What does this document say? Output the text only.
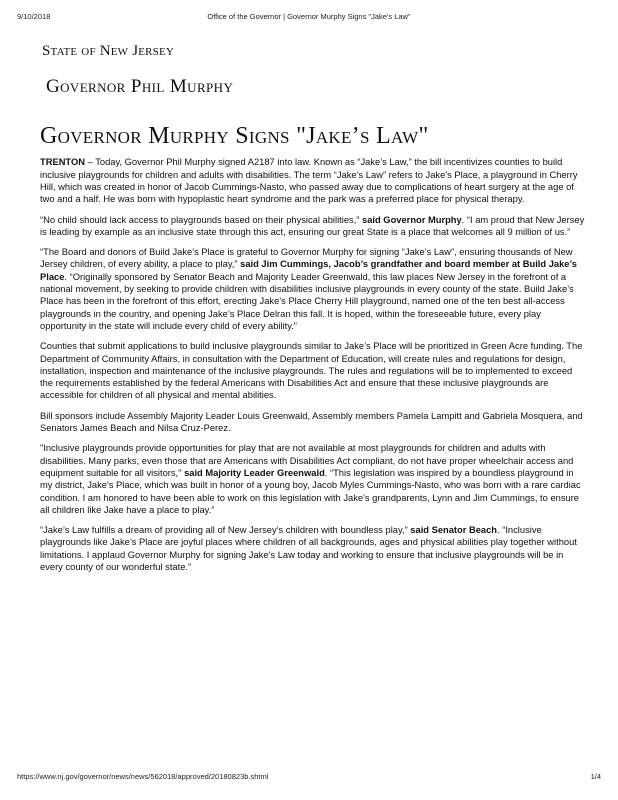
9/10/2018	Office of the Governor | Governor Murphy Signs "Jake's Law"
State of New Jersey
Governor Phil Murphy
Governor Murphy Signs "Jake’s Law"

TRENTON – Today, Governor Phil Murphy signed A2187 into law. Known as “Jake’s Law,” the bill incentivizes counties to build inclusive playgrounds for children and adults with disabilities. The term “Jake’s Law” refers to Jake’s Place, a playground in Cherry Hill, which was created in honor of Jacob Cummings-Nasto, who passed away due to complications of heart surgery at the age of two and a half. He was born with hypoplastic heart syndrome and the park was a preferred place for physical therapy.

“No child should lack access to playgrounds based on their physical abilities,” said Governor Murphy. “I am proud that New Jersey is leading by example as an inclusive state through this act, ensuring our great State is a place that welcomes all 9 million of us.”

“The Board and donors of Build Jake’s Place is grateful to Governor Murphy for signing “Jake’s Law”, ensuring thousands of New Jersey children, of every ability, a place to play,” said Jim Cummings, Jacob’s grandfather and board member at Build Jake’s Place. “Originally sponsored by Senator Beach and Majority Leader Greenwald, this law places New Jersey in the forefront of a national movement, by seeking to provide children with disabilities inclusive playgrounds in every county of the state. Build Jake’s Place has been in the forefront of this effort, erecting Jake’s Place Cherry Hill playground, named one of the ten best all-access playgrounds in the country, and opening Jake’s Place Delran this fall. It is hoped, within the foreseeable future, every play opportunity in the state will include every child of every ability.”

Counties that submit applications to build inclusive playgrounds similar to Jake’s Place will be prioritized in Green Acre funding. The Department of Community Affairs, in consultation with the Department of Education, will create rules and regulations for design, installation, inspection and maintenance of the inclusive playgrounds. The rules and regulations will be to implemented to exceed the requirements established by the federal Americans with Disabilities Act and ensure that these inclusive playgrounds are accessible for children of all physical and mental abilities.

Bill sponsors include Assembly Majority Leader Louis Greenwald, Assembly members Pamela Lampitt and Gabriela Mosquera, and Senators James Beach and Nilsa Cruz-Perez.

"Inclusive playgrounds provide opportunities for play that are not available at most playgrounds for children and adults with disabilities. Many parks, even those that are Americans with Disabilities Act compliant, do not have proper wheelchair access and equipment suitable for all visitors," said Majority Leader Greenwald. “This legislation was inspired by a boundless playground in my district, Jake's Place, which was built in honor of a young boy, Jacob Myles Cummings-Nasto, who was born with a rare cardiac condition. I am honored to have been able to work on this legislation with Jake's grandparents, Lynn and Jim Cummings, to ensure all children like Jake have a place to play.”

“Jake’s Law fulfills a dream of providing all of New Jersey’s children with boundless play,” said Senator Beach. “Inclusive playgrounds like Jake’s Place are joyful places where children of all backgrounds, ages and physical abilities play together without limitations. I applaud Governor Murphy for signing Jake’s Law today and working to ensure that inclusive playgrounds will be in every county of our wonderful state.”

https://www.nj.gov/governor/news/news/562018/approved/20180823b.shtml	1/4
